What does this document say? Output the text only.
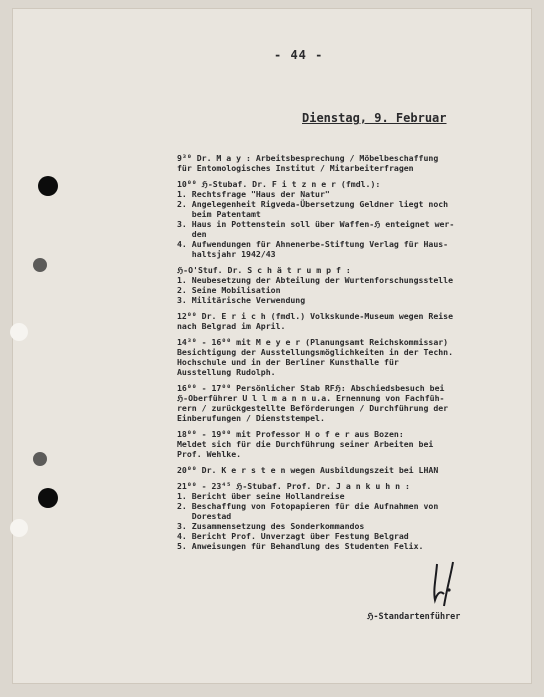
- 44 -
Dienstag, 9. Februar
9³⁰ Dr. M a y : Arbeitsbesprechung / Möbelbeschaffung
für Entomologisches Institut / Mitarbeiterfragen
10⁰⁰ ℌ-Stubaf. Dr. F i t z n e r (fmdl.):
1. Rechtsfrage "Haus der Natur"
2. Angelegenheit Rigveda-Übersetzung Geldner liegt noch
beim Patentamt
3. Haus in Pottenstein soll über Waffen-ℌ enteignet wer-
den
4. Aufwendungen für Ahnenerbe-Stiftung Verlag für Haus-
haltsjahr 1942/43
ℌ-O'Stuf. Dr. S c h ä t r u m p f :
1. Neubesetzung der Abteilung der Wurtenforschungsstelle
2. Seine Mobilisation
3. Militärische Verwendung
12⁰⁰ Dr. E r i c h (fmdl.) Volkskunde-Museum wegen Reise
nach Belgrad im April.
14³⁰ - 16⁰⁰ mit M e y e r (Planungsamt Reichskommissar)
Besichtigung der Ausstellungsmöglichkeiten in der Techn.
Hochschule und in der Berliner Kunsthalle für
Ausstellung Rudolph.
16⁰⁰ - 17⁰⁰ Persönlicher Stab RFℌ: Abschiedsbesuch bei
ℌ-Oberführer U l l m a n n u.a. Ernennung von Fachfüh-
rern / zurückgestellte Beförderungen / Durchführung der
Einberufungen / Dienststempel.
18⁰⁰ - 19⁰⁰ mit Professor H o f e r aus Bozen:
Meldet sich für die Durchführung seiner Arbeiten bei
Prof. Wehlke.
20⁰⁰ Dr. K e r s t e n wegen Ausbildungszeit bei LHAN
21⁰⁰ - 23⁴⁵ ℌ-Stubaf. Prof. Dr. J a n k u h n :
1. Bericht über seine Hollandreise
2. Beschaffung von Fotopapieren für die Aufnahmen von
Dorestad
3. Zusammensetzung des Sonderkommandos
4. Bericht Prof. Unverzagt über Festung Belgrad
5. Anweisungen für Behandlung des Studenten Felix.
ℌ-Standartenführer
